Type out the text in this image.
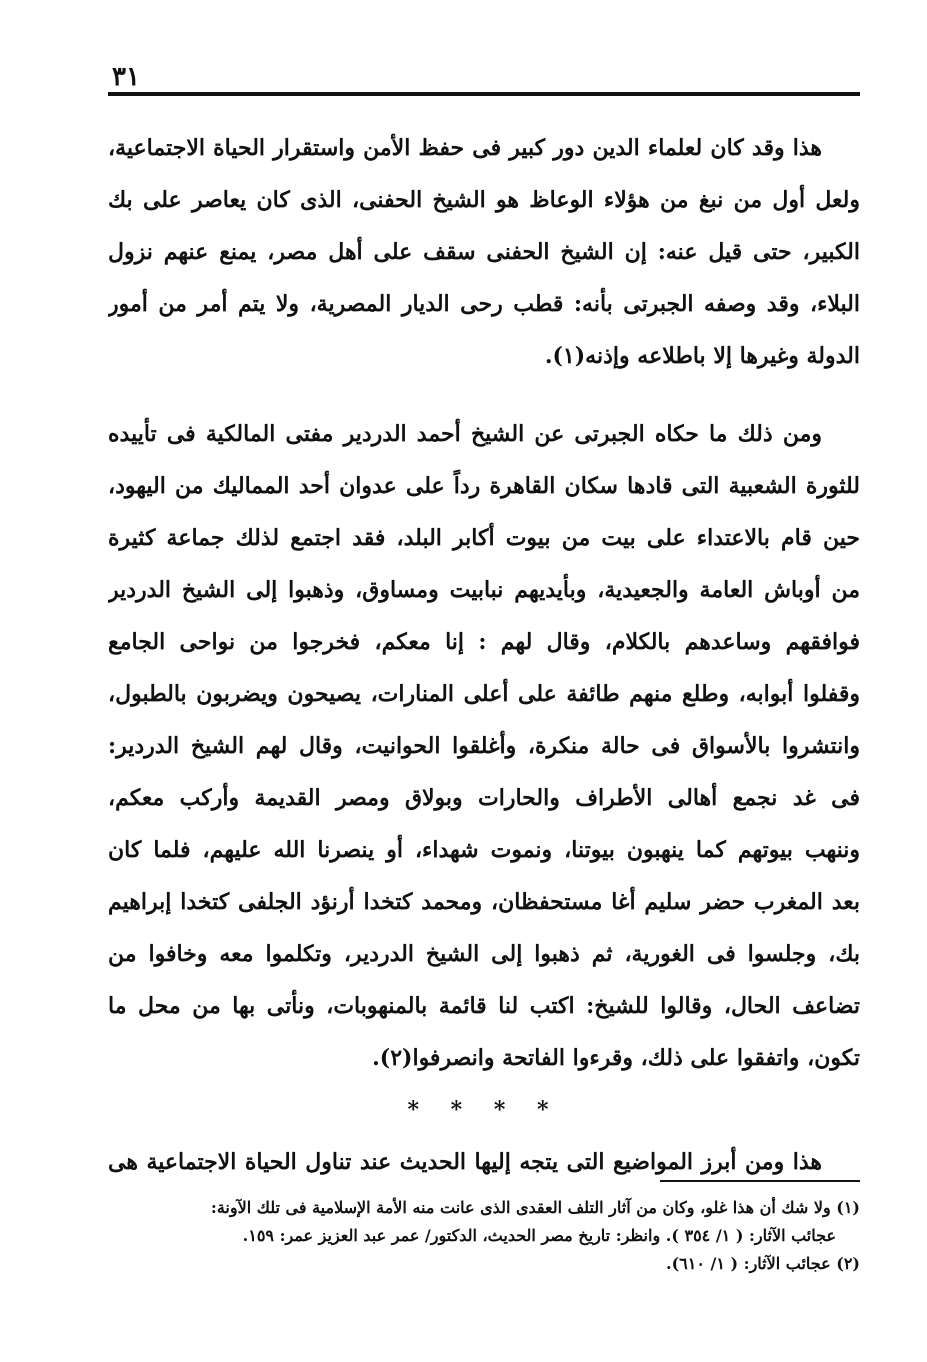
٣١
هذا وقد كان لعلماء الدين دور كبير فى حفظ الأمن واستقرار الحياة الاجتماعية،
ولعل أول من نبغ من هؤلاء الوعاظ هو الشيخ الحفنى، الذى كان يعاصر على بك
الكبير، حتى قيل عنه: إن الشيخ الحفنى سقف على أهل مصر، يمنع عنهم نزول
البلاء، وقد وصفه الجبرتى بأنه: قطب رحى الديار المصرية، ولا يتم أمر من أمور
الدولة وغيرها إلا باطلاعه وإذنه(١).
ومن ذلك ما حكاه الجبرتى عن الشيخ أحمد الدردير مفتى المالكية فى تأييده
للثورة الشعبية التى قادها سكان القاهرة رداً على عدوان أحد المماليك من اليهود،
حين قام بالاعتداء على بيت من بيوت أكابر البلد، فقد اجتمع لذلك جماعة كثيرة
من أوباش العامة والجعيدية، وبأيديهم نبابيت ومساوق، وذهبوا إلى الشيخ الدردير
فوافقهم وساعدهم بالكلام، وقال لهم : إنا معكم، فخرجوا من نواحى الجامع
وقفلوا أبوابه، وطلع منهم طائفة على أعلى المنارات، يصيحون ويضربون بالطبول،
وانتشروا بالأسواق فى حالة منكرة، وأغلقوا الحوانيت، وقال لهم الشيخ الدردير:
فى غد نجمع أهالى الأطراف والحارات وبولاق ومصر القديمة وأركب معكم،
وننهب بيوتهم كما ينهبون بيوتنا، ونموت شهداء، أو ينصرنا الله عليهم، فلما كان
بعد المغرب حضر سليم أغا مستحفظان، ومحمد كتخدا أرنؤد الجلفى كتخدا إبراهيم
بك، وجلسوا فى الغورية، ثم ذهبوا إلى الشيخ الدردير، وتكلموا معه وخافوا من
تضاعف الحال، وقالوا للشيخ: اكتب لنا قائمة بالمنهوبات، ونأتى بها من محل ما
تكون، واتفقوا على ذلك، وقرءوا الفاتحة وانصرفوا(٢).
* * * *
هذا ومن أبرز المواضيع التى يتجه إليها الحديث عند تناول الحياة الاجتماعية هى
(١) ولا شك أن هذا غلو، وكان من آثار التلف العقدى الذى عانت منه الأمة الإسلامية فى تلك الآونة:
عجائب الآثار: ( ١/ ٣٥٤ ). وانظر: تاريخ مصر الحديث، الدكتور/ عمر عبد العزيز عمر: ١٥٩.
(٢) عجائب الآثار: ( ١/ ٦١٠).
